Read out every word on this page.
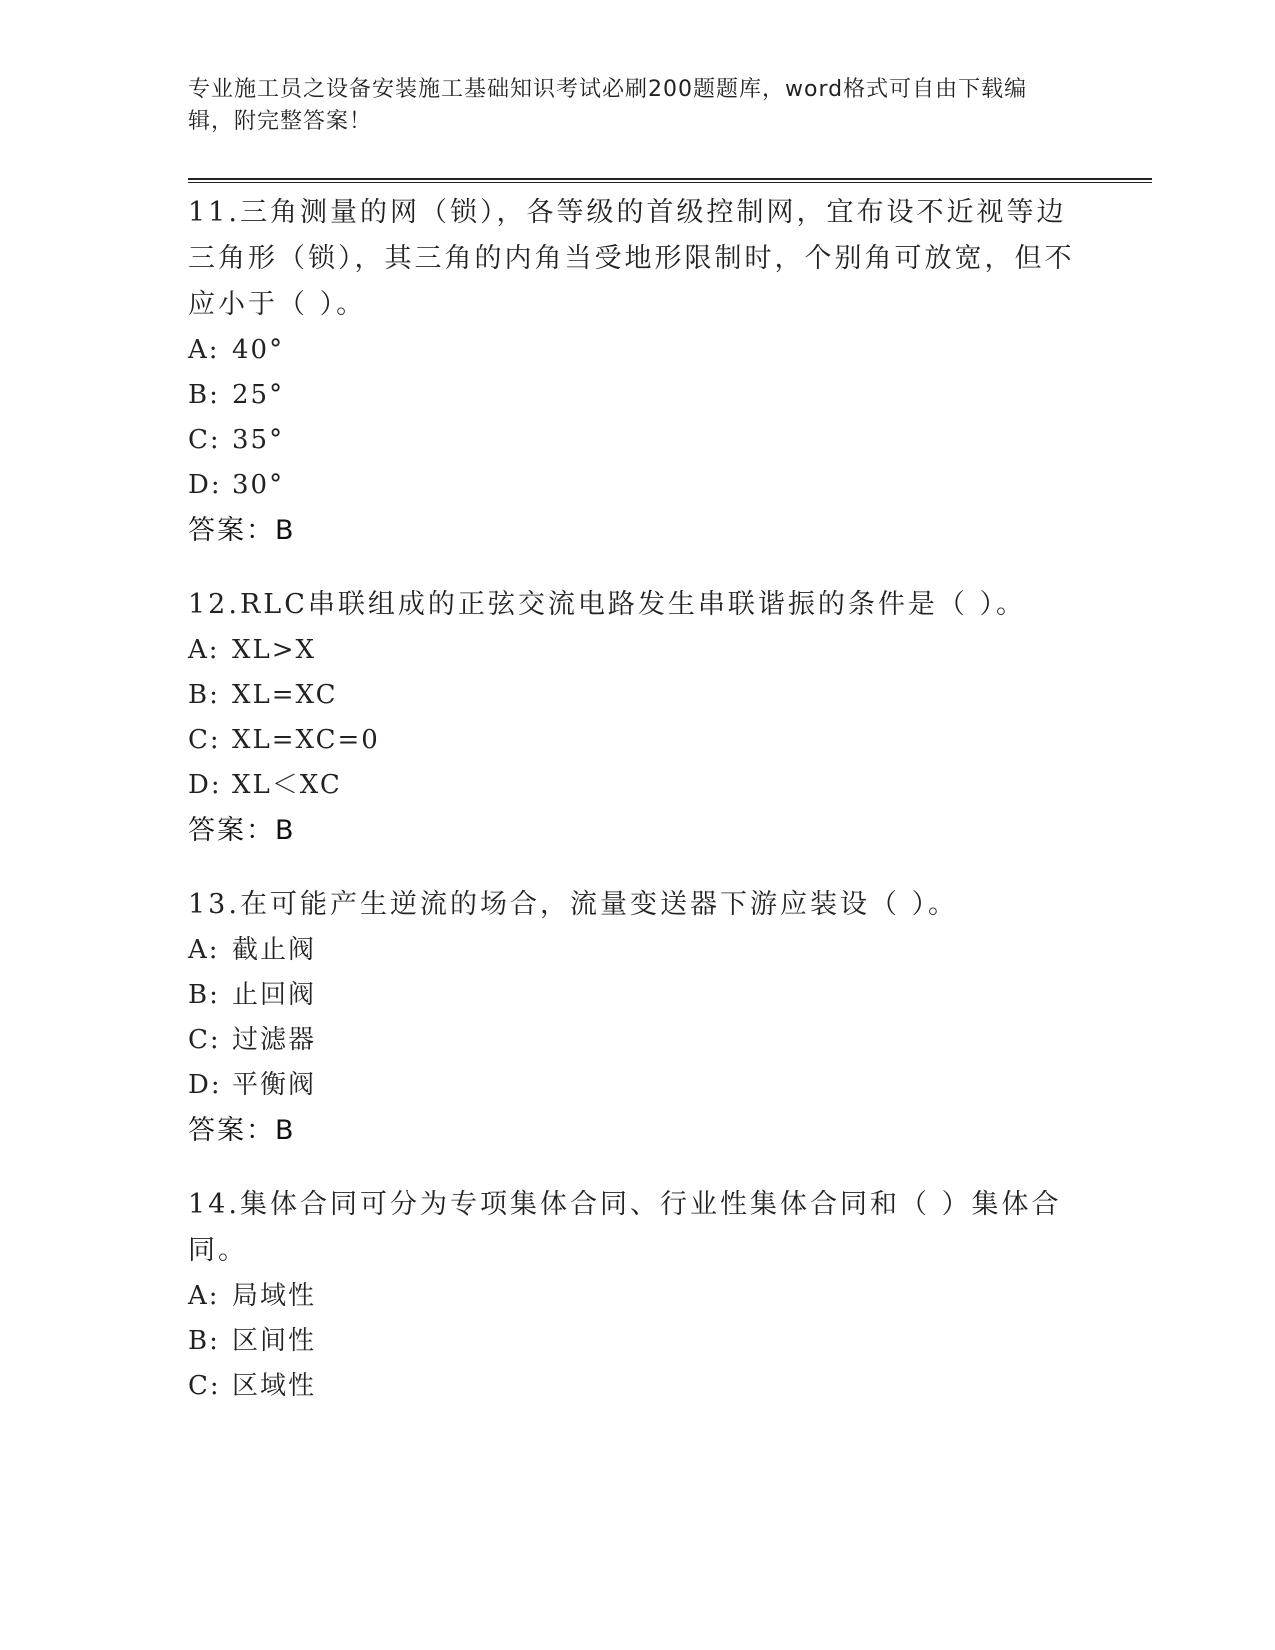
专业施工员之设备安装施工基础知识考试必刷200题题库，word格式可自由下载编辑，附完整答案！

11.三角测量的网（锁），各等级的首级控制网，宜布设不近视等边三角形（锁），其三角的内角当受地形限制时，个别角可放宽，但不应小于（ ）。

A: 40°

B: 25°

C: 35°

D: 30°

答案：B

12.RLC串联组成的正弦交流电路发生串联谐振的条件是（ ）。

A: XL>X

B: XL=XC

C: XL=XC=0

D: XL＜XC

答案：B

13.在可能产生逆流的场合，流量变送器下游应装设（ ）。

A: 截止阀

B: 止回阀

C: 过滤器

D: 平衡阀

答案：B

14.集体合同可分为专项集体合同、行业性集体合同和（ ）集体合同。

A: 局域性

B: 区间性

C: 区域性
